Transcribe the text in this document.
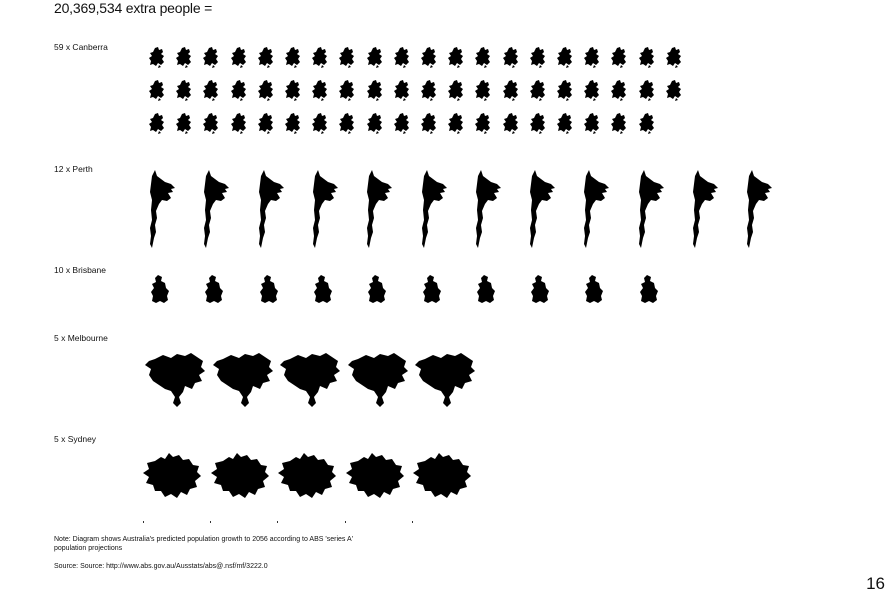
20,369,534 extra people =
59 x Canberra
12 x Perth
10 x Brisbane
5 x Melbourne
5 x Sydney
Note: Diagram shows Australia's predicted population growth to 2056 according to ABS 'series A' population projections
Source: Source: http://www.abs.gov.au/Ausstats/abs@.nsf/mf/3222.0
16
